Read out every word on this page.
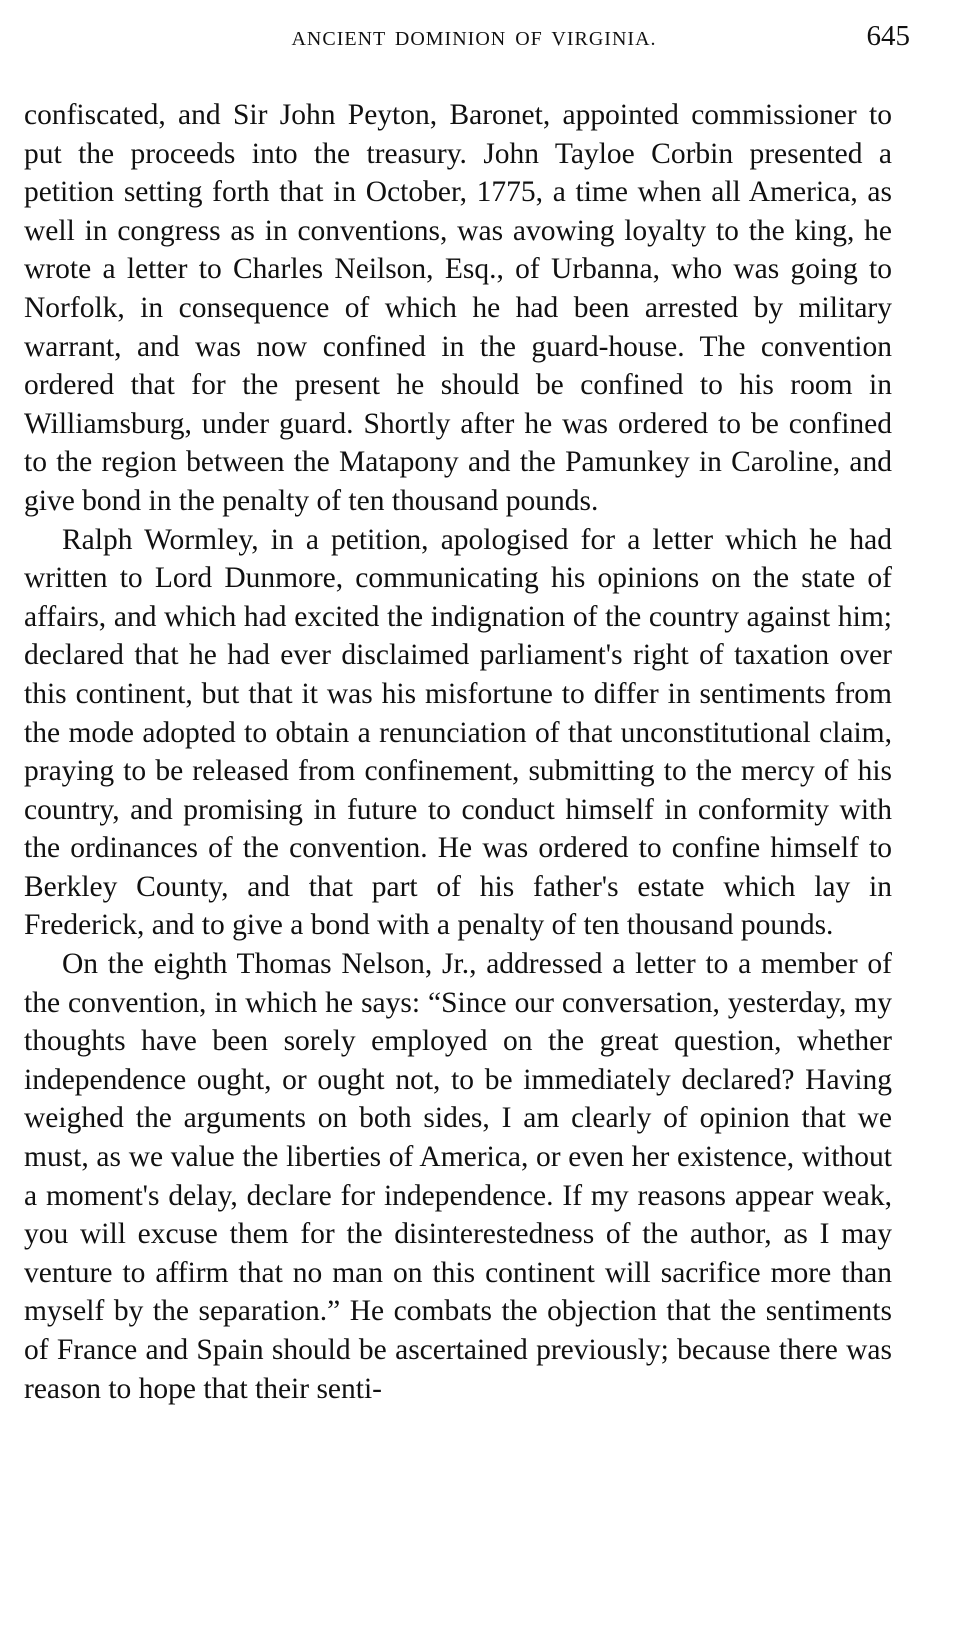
ANCIENT DOMINION OF VIRGINIA.	645

confiscated, and Sir John Peyton, Baronet, appointed commissioner to put the proceeds into the treasury. John Tayloe Corbin presented a petition setting forth that in October, 1775, a time when all America, as well in congress as in conventions, was avowing loyalty to the king, he wrote a letter to Charles Neilson, Esq., of Urbanna, who was going to Norfolk, in consequence of which he had been arrested by military warrant, and was now confined in the guard-house. The convention ordered that for the present he should be confined to his room in Williamsburg, under guard. Shortly after he was ordered to be confined to the region between the Matapony and the Pamunkey in Caroline, and give bond in the penalty of ten thousand pounds.

Ralph Wormley, in a petition, apologised for a letter which he had written to Lord Dunmore, communicating his opinions on the state of affairs, and which had excited the indignation of the country against him; declared that he had ever disclaimed parliament's right of taxation over this continent, but that it was his misfortune to differ in sentiments from the mode adopted to obtain a renunciation of that unconstitutional claim, praying to be released from confinement, submitting to the mercy of his country, and promising in future to conduct himself in conformity with the ordinances of the convention. He was ordered to confine himself to Berkley County, and that part of his father's estate which lay in Frederick, and to give a bond with a penalty of ten thousand pounds.

On the eighth Thomas Nelson, Jr., addressed a letter to a member of the convention, in which he says: “Since our conversation, yesterday, my thoughts have been sorely employed on the great question, whether independence ought, or ought not, to be immediately declared? Having weighed the arguments on both sides, I am clearly of opinion that we must, as we value the liberties of America, or even her existence, without a moment's delay, declare for independence. If my reasons appear weak, you will excuse them for the disinterestedness of the author, as I may venture to affirm that no man on this continent will sacrifice more than myself by the separation.” He combats the objection that the sentiments of France and Spain should be ascertained previously; because there was reason to hope that their senti-
